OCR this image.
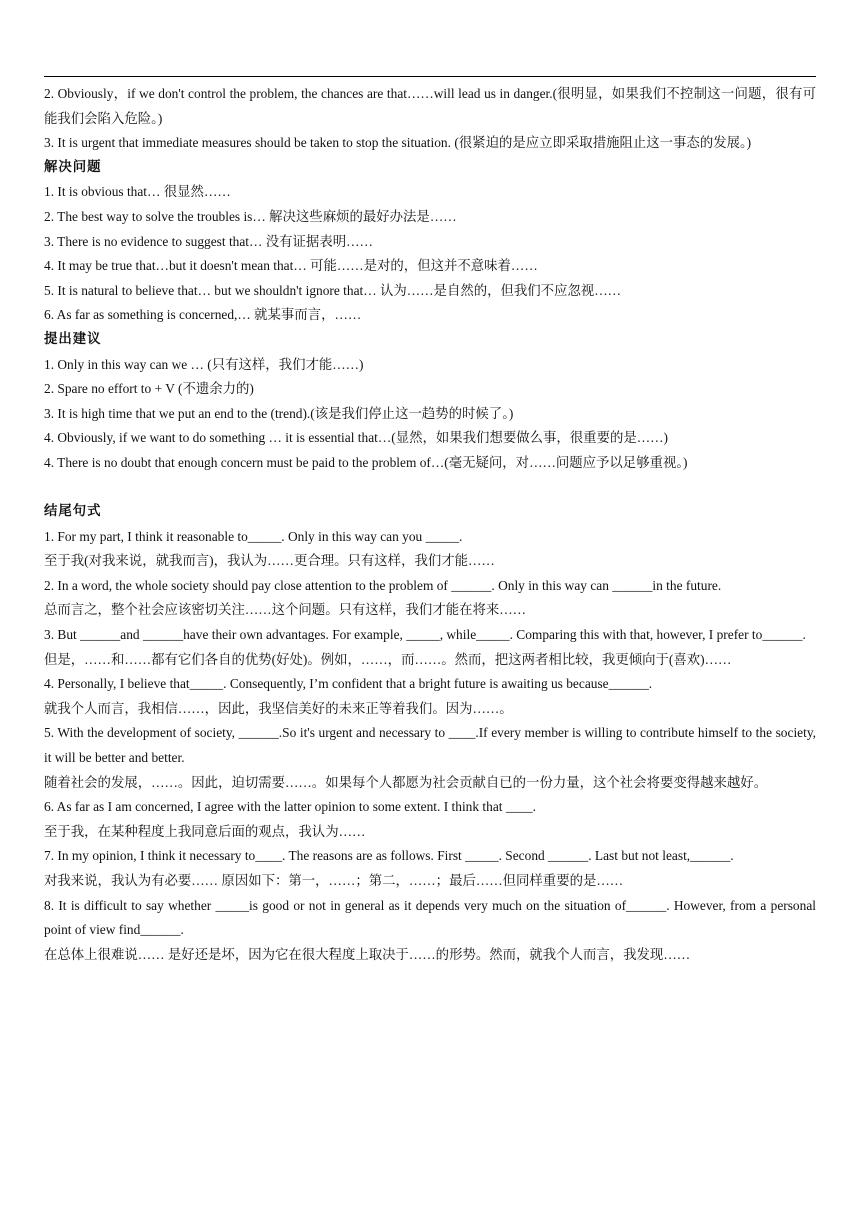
2. Obviously，if we don't control the problem, the chances are that……will lead us in danger.(很明显，如果我们不控制这一问题，很有可能我们会陷入危险。)

3. It is urgent that immediate measures should be taken to stop the situation. (很紧迫的是应立即采取措施阻止这一事态的发展。)

解决问题

1. It is obvious that… 很显然……

2. The best way to solve the troubles is… 解决这些麻烦的最好办法是……

3. There is no evidence to suggest that… 没有证据表明……

4. It may be true that…but it doesn't mean that… 可能……是对的，但这并不意味着……

5. It is natural to believe that… but we shouldn't ignore that… 认为……是自然的，但我们不应忽视……

6. As far as something is concerned,… 就某事而言，……

提出建议

1. Only in this way can we … (只有这样，我们才能……)

2. Spare no effort to + V (不遗余力的)

3. It is high time that we put an end to the (trend).(该是我们停止这一趋势的时候了。)

4. Obviously, if we want to do something … it is essential that…(显然，如果我们想要做么事，很重要的是……)

4. There is no doubt that enough concern must be paid to the problem of…(毫无疑问，对……问题应予以足够重视。)

结尾句式

1. For my part, I think it reasonable to_____. Only in this way can you _____.

至于我(对我来说，就我而言)，我认为……更合理。只有这样，我们才能……

2. In a word, the whole society should pay close attention to the problem of ______. Only in this way can ______in the future.

总而言之，整个社会应该密切关注……这个问题。只有这样，我们才能在将来……

3. But ______and ______have their own advantages. For example, _____, while_____. Comparing this with that, however, I prefer to______.

但是，……和……都有它们各自的优势(好处)。例如，……，而……。然而，把这两者相比较，我更倾向于(喜欢)……

4. Personally, I believe that_____. Consequently, I’m confident that a bright future is awaiting us because______.

就我个人而言，我相信……，因此，我坚信美好的未来正等着我们。因为……。

5. With the development of society, ______.So it's urgent and necessary to ____.If every member is willing to contribute himself to the society, it will be better and better.

随着社会的发展，……。因此，迫切需要……。如果每个人都愿为社会贡献自已的一份力量，这个社会将要变得越来越好。

6. As far as I am concerned, I agree with the latter opinion to some extent. I think that ____.

至于我，在某种程度上我同意后面的观点，我认为……

7. In my opinion, I think it necessary to____. The reasons are as follows. First _____. Second ______. Last but not least,______.

对我来说，我认为有必要…… 原因如下：第一，……；第二，……；最后……但同样重要的是……

8. It is difficult to say whether _____is good or not in general as it depends very much on the situation of______. However, from a personal point of view find______.

在总体上很难说…… 是好还是坏，因为它在很大程度上取决于……的形势。然而，就我个人而言，我发现……
